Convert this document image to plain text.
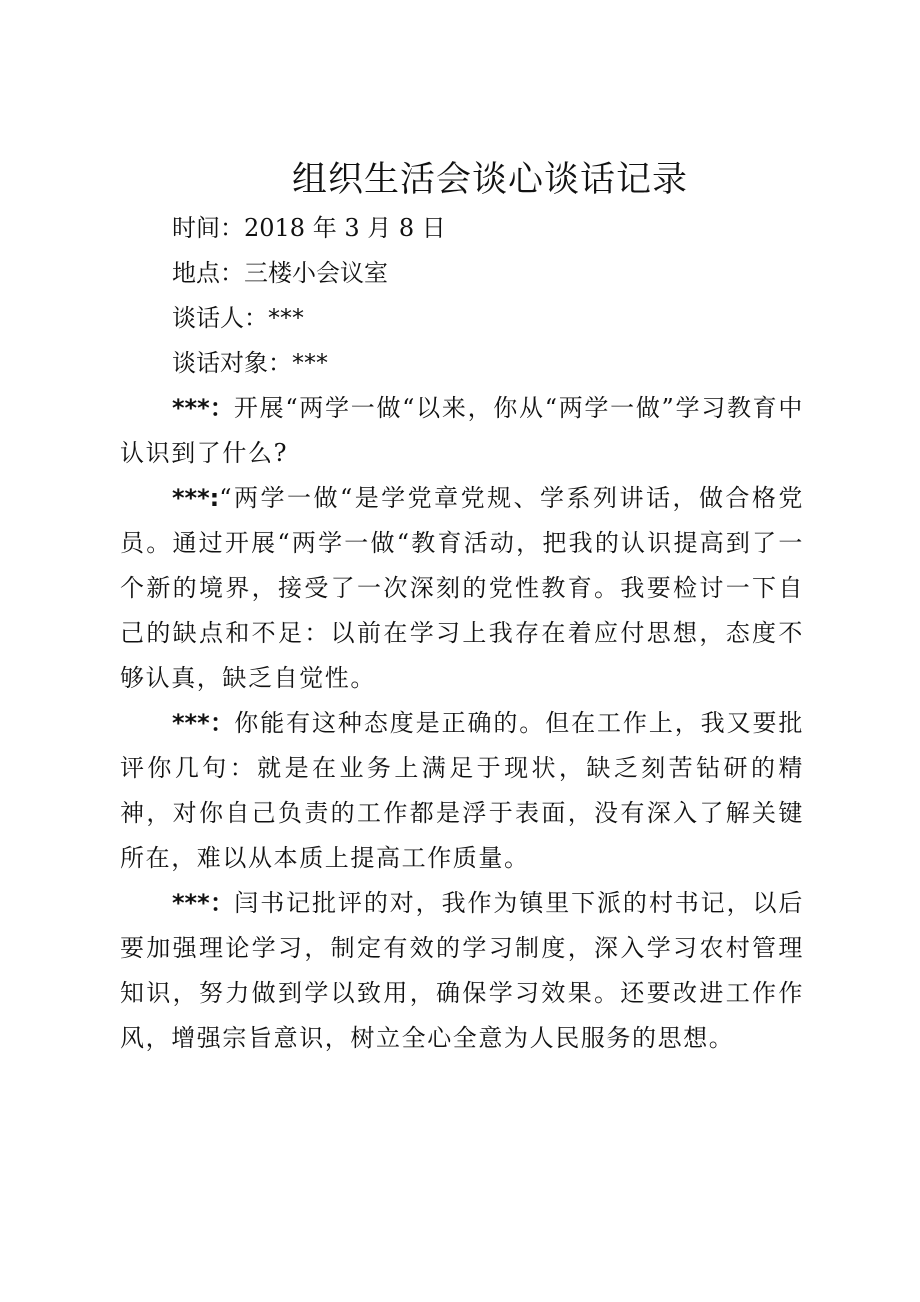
组织生活会谈心谈话记录

时间：2018 年 3 月 8 日

地点：三楼小会议室

谈话人：***

谈话对象：***

***：开展“两学一做“以来，你从“两学一做”学习教育中认识到了什么?

***:“两学一做“是学党章党规、学系列讲话，做合格党员。通过开展“两学一做“教育活动，把我的认识提高到了一个新的境界，接受了一次深刻的党性教育。我要检讨一下自己的缺点和不足：以前在学习上我存在着应付思想，态度不够认真，缺乏自觉性。

***：你能有这种态度是正确的。但在工作上，我又要批评你几句：就是在业务上满足于现状，缺乏刻苦钻研的精神，对你自己负责的工作都是浮于表面，没有深入了解关键所在，难以从本质上提高工作质量。

***：闫书记批评的对，我作为镇里下派的村书记，以后要加强理论学习，制定有效的学习制度，深入学习农村管理知识，努力做到学以致用，确保学习效果。还要改进工作作风，增强宗旨意识，树立全心全意为人民服务的思想。
